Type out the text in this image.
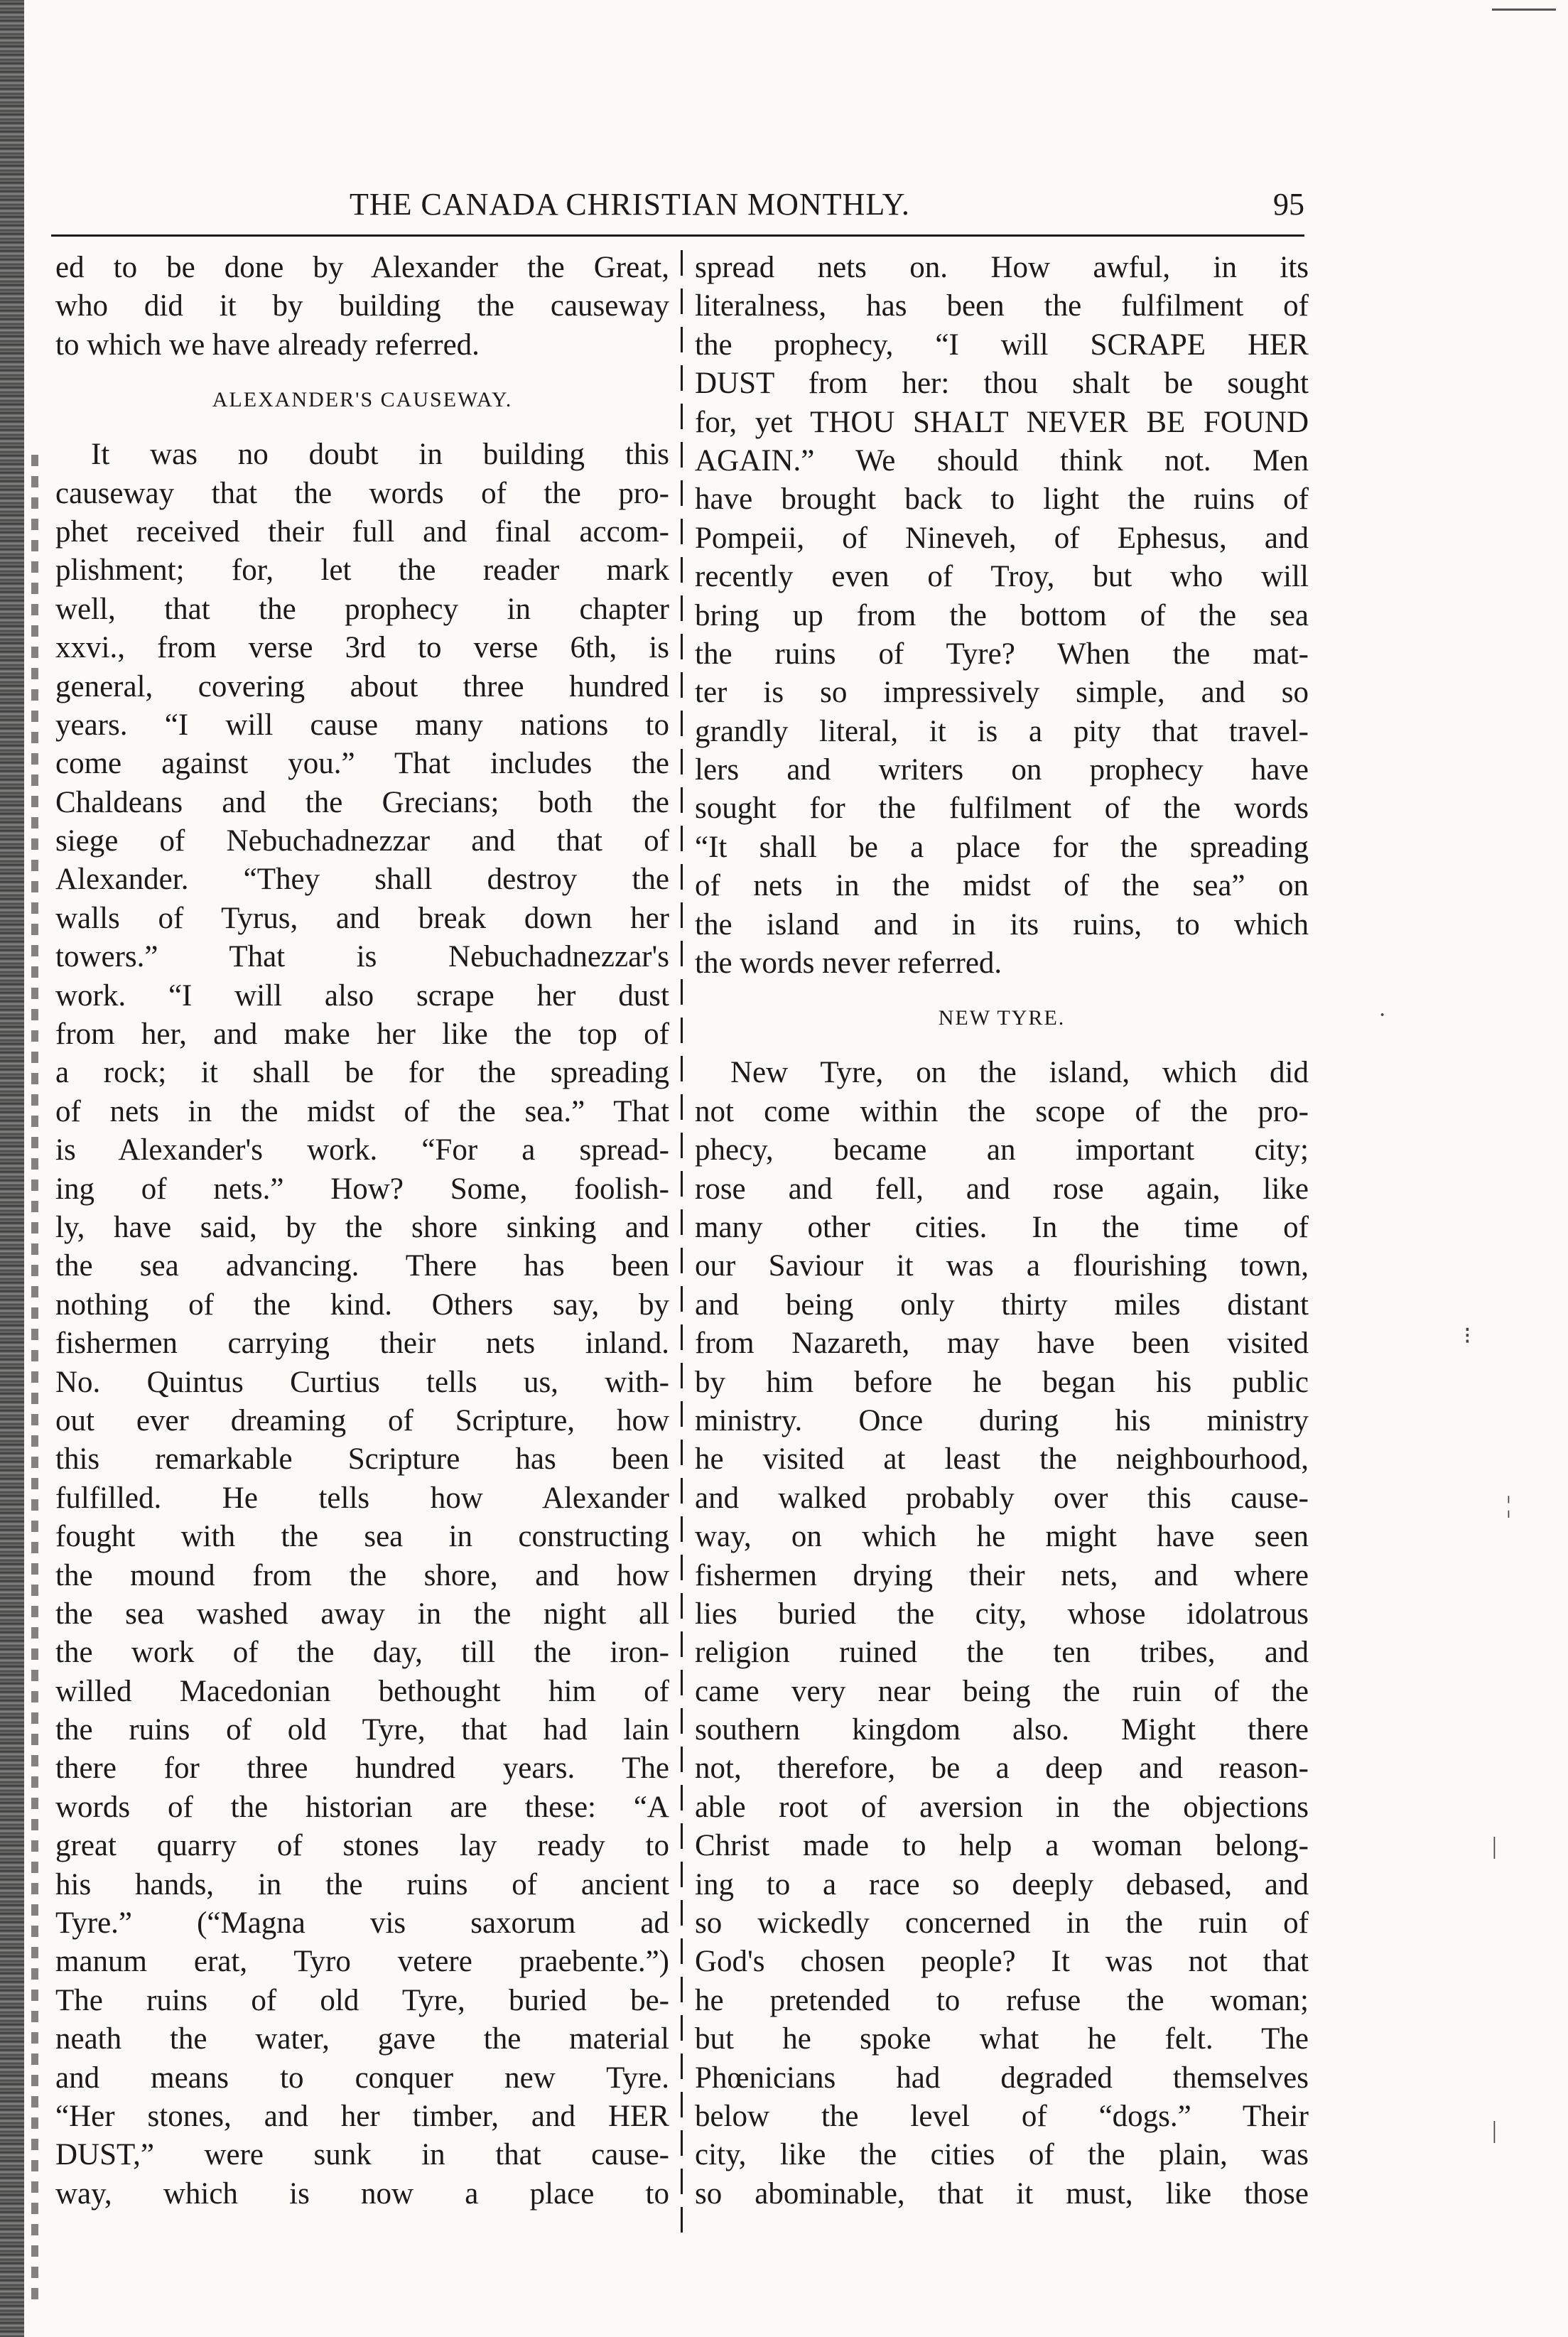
THE CANADA CHRISTIAN MONTHLY.	95
ed to be done by Alexander the Great,
who did it by building the causeway
to which we have already referred.
ALEXANDER'S CAUSEWAY.
It was no doubt in building this
causeway that the words of the pro-
phet received their full and final accom-
plishment; for, let the reader mark
well, that the prophecy in chapter
xxvi., from verse 3rd to verse 6th, is
general, covering about three hundred
years. “I will cause many nations to
come against you.” That includes the
Chaldeans and the Grecians; both the
siege of Nebuchadnezzar and that of
Alexander. “They shall destroy the
walls of Tyrus, and break down her
towers.” That is Nebuchadnezzar's
work. “I will also scrape her dust
from her, and make her like the top of
a rock; it shall be for the spreading
of nets in the midst of the sea.” That
is Alexander's work. “For a spread-
ing of nets.” How? Some, foolish-
ly, have said, by the shore sinking and
the sea advancing. There has been
nothing of the kind. Others say, by
fishermen carrying their nets inland.
No. Quintus Curtius tells us, with-
out ever dreaming of Scripture, how
this remarkable Scripture has been
fulfilled. He tells how Alexander
fought with the sea in constructing
the mound from the shore, and how
the sea washed away in the night all
the work of the day, till the iron-
willed Macedonian bethought him of
the ruins of old Tyre, that had lain
there for three hundred years. The
words of the historian are these: “A
great quarry of stones lay ready to
his hands, in the ruins of ancient
Tyre.” (“Magna vis saxorum ad
manum erat, Tyro vetere praebente.”)
The ruins of old Tyre, buried be-
neath the water, gave the material
and means to conquer new Tyre.
“Her stones, and her timber, and HER
DUST,” were sunk in that cause-
way, which is now a place to
spread nets on. How awful, in its
literalness, has been the fulfilment of
the prophecy, “I will SCRAPE HER
DUST from her: thou shalt be sought
for, yet THOU SHALT NEVER BE FOUND
AGAIN.” We should think not. Men
have brought back to light the ruins of
Pompeii, of Nineveh, of Ephesus, and
recently even of Troy, but who will
bring up from the bottom of the sea
the ruins of Tyre? When the mat-
ter is so impressively simple, and so
grandly literal, it is a pity that travel-
lers and writers on prophecy have
sought for the fulfilment of the words
“It shall be a place for the spreading
of nets in the midst of the sea” on
the island and in its ruins, to which
the words never referred.
NEW TYRE.
New Tyre, on the island, which did
not come within the scope of the pro-
phecy, became an important city;
rose and fell, and rose again, like
many other cities. In the time of
our Saviour it was a flourishing town,
and being only thirty miles distant
from Nazareth, may have been visited
by him before he began his public
ministry. Once during his ministry
he visited at least the neighbourhood,
and walked probably over this cause-
way, on which he might have seen
fishermen drying their nets, and where
lies buried the city, whose idolatrous
religion ruined the ten tribes, and
came very near being the ruin of the
southern kingdom also. Might there
not, therefore, be a deep and reason-
able root of aversion in the objections
Christ made to help a woman belong-
ing to a race so deeply debased, and
so wickedly concerned in the ruin of
God's chosen people? It was not that
he pretended to refuse the woman;
but he spoke what he felt. The
Phœnicians had degraded themselves
below the level of “dogs.” Their
city, like the cities of the plain, was
so abominable, that it must, like those
·
⁝
¦
|
|
